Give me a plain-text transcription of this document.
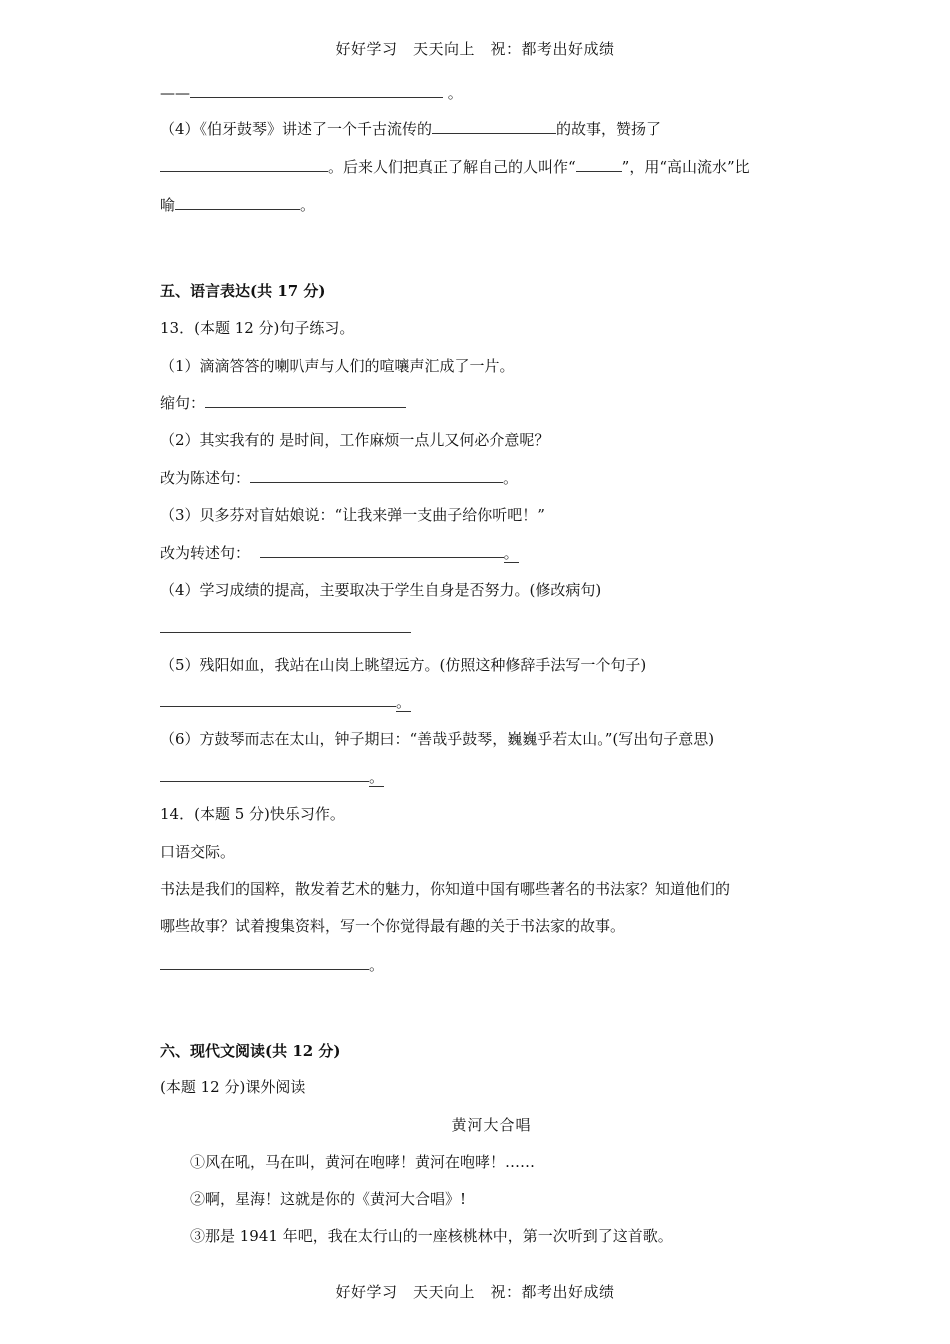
好好学习　天天向上　祝：都考出好成绩
——	。
（4）《伯牙鼓琴》讲述了一个千古流传的	的故事，赞扬了
。后来人们把真正了解自己的人叫作“	”，用“高山流水”比
喻	。
五、语言表达(共 17 分)
13．(本题 12 分)句子练习。
（1）滴滴答答的喇叭声与人们的喧嚷声汇成了一片。
缩句：
（2）其实我有的 是时间，工作麻烦一点儿又何必介意呢？
改为陈述句：	。
（3）贝多芬对盲姑娘说：“让我来弹一支曲子给你听吧！”
改为转述句：	。
（4）学习成绩的提高，主要取决于学生自身是否努力。(修改病句)
（5）残阳如血，我站在山岗上眺望远方。(仿照这种修辞手法写一个句子)
。
（6）方鼓琴而志在太山，钟子期曰：“善哉乎鼓琴，巍巍乎若太山。”(写出句子意思)
。
14．(本题 5 分)快乐习作。
口语交际。
书法是我们的国粹，散发着艺术的魅力，你知道中国有哪些著名的书法家？知道他们的
哪些故事？试着搜集资料，写一个你觉得最有趣的关于书法家的故事。
。
六、现代文阅读(共 12 分)
(本题 12 分)课外阅读
黄河大合唱
①风在吼，马在叫，黄河在咆哮！黄河在咆哮！……
②啊，星海！这就是你的《黄河大合唱》!
③那是 1941 年吧，我在太行山的一座核桃林中，第一次听到了这首歌。
好好学习　天天向上　祝：都考出好成绩
